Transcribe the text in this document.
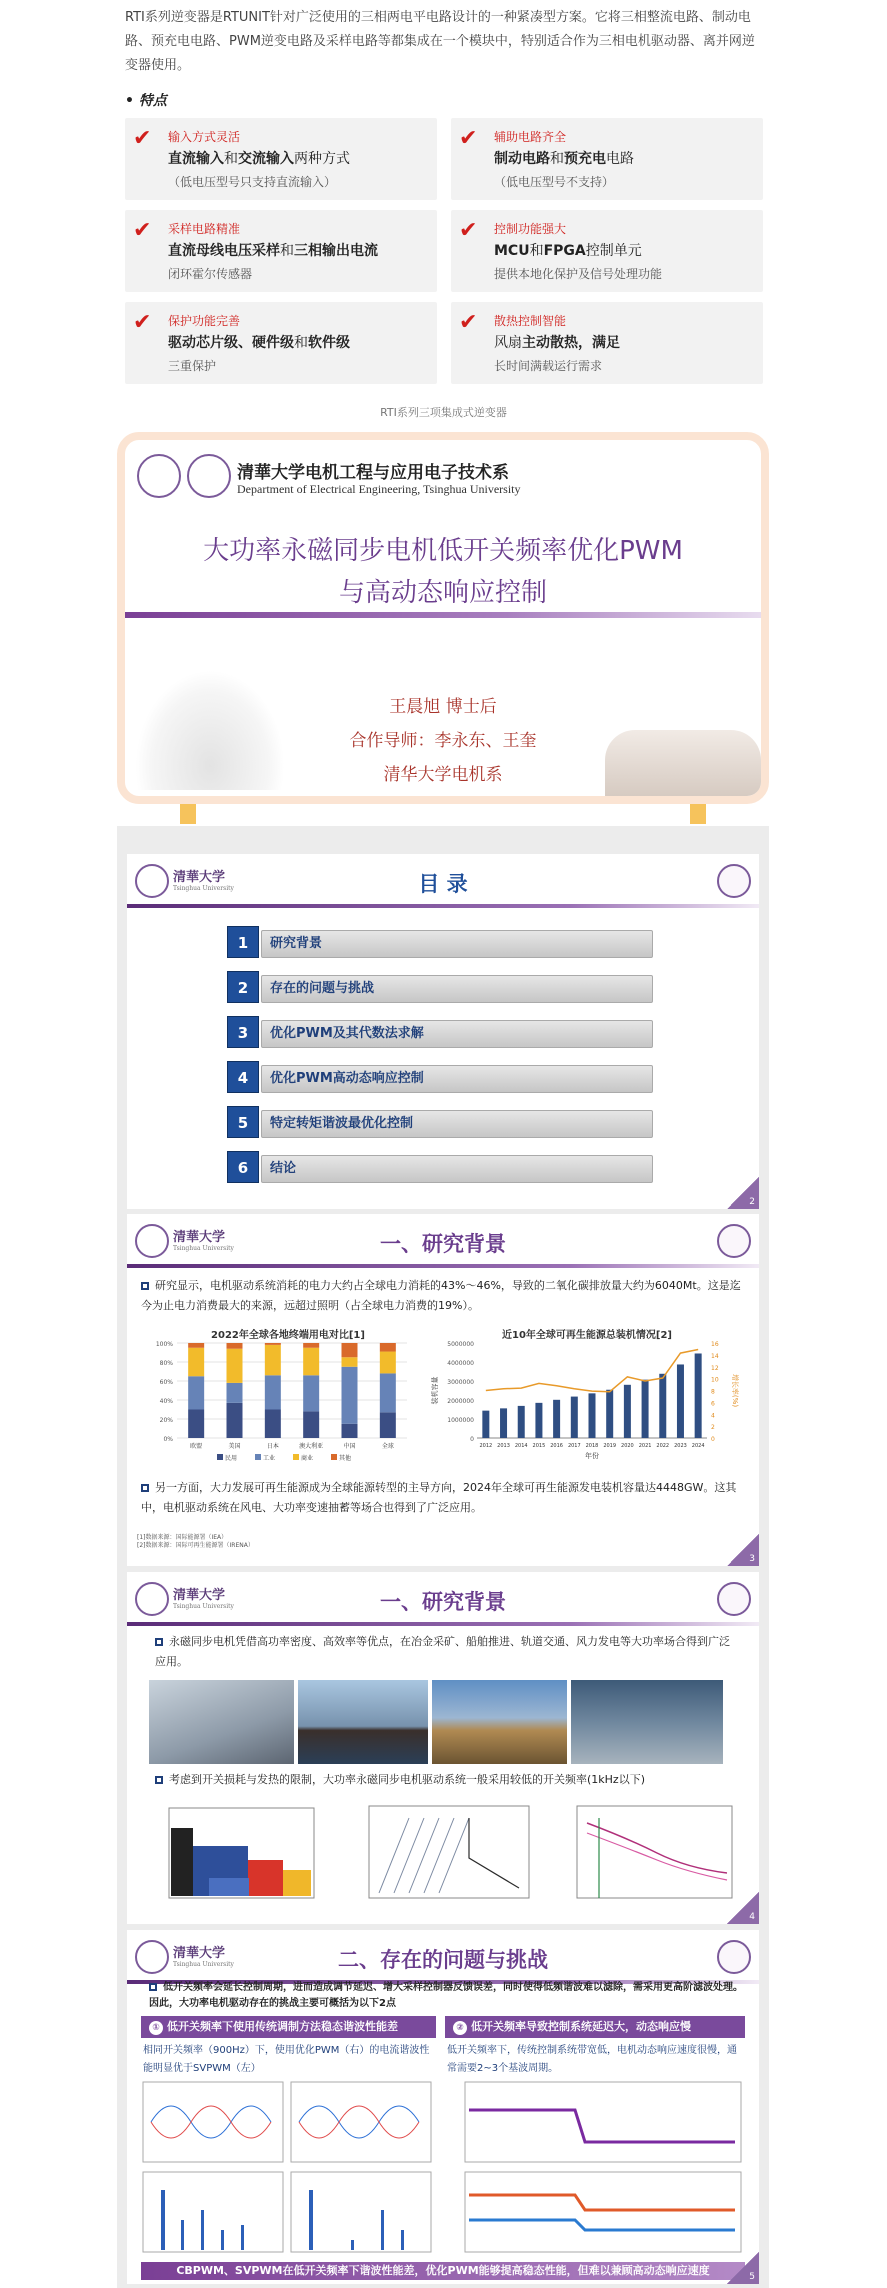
RTI系列逆变器是RTUNIT针对广泛使用的三相两电平电路设计的一种紧凑型方案。它将三相整流电路、制动电路、预充电电路、PWM逆变电路及采样电路等都集成在一个模块中，特别适合作为三相电机驱动器、离并网逆变器使用。
• 特点
✔ 输入方式灵活
直流输入和交流输入两种方式
（低电压型号只支持直流输入）
✔ 辅助电路齐全
制动电路和预充电电路
（低电压型号不支持）
✔ 采样电路精准
直流母线电压采样和三相输出电流
闭环霍尔传感器
✔ 控制功能强大
MCU和FPGA控制单元
提供本地化保护及信号处理功能
✔ 保护功能完善
驱动芯片级、硬件级和软件级
三重保护
✔ 散热控制智能
风扇主动散热，满足
长时间满载运行需求
RTI系列三项集成式逆变器
清華大学电机工程与应用电子技术系
Department of Electrical Engineering, Tsinghua University
大功率永磁同步电机低开关频率优化PWM
与高动态响应控制
王晨旭 博士后
合作导师：李永东、王奎
清华大学电机系
清華大学
Tsinghua University	目 录
1	研究背景
2	存在的问题与挑战
3	优化PWM及其代数法求解
4	优化PWM高动态响应控制
5	特定转矩谐波最优化控制
6	结论
2
清華大学
Tsinghua University	一、研究背景
研究显示，电机驱动系统消耗的电力大约占全球电力消耗的43%～46%，导致的二氧化碳排放量大约为6040Mt。这是迄今为止电力消费最大的来源，远超过照明（占全球电力消费的19%）。
2022年全球各地终端用电对比[1]
0%
20%
40%
60%
80%
100%
欧盟	美国	日本	澳大利亚	中国	全球
民用	工业	商业	其他
近10年全球可再生能源总装机情况[2]
0
1000000
2000000
3000000
4000000
5000000
0
2
4
6
8
10
12
14
16
2012 2013 2014 2015 2016 2017 2018 2019 2020 2021 2022 2023 2024
年份
装机容量	增长率(%)
另一方面，大力发展可再生能源成为全球能源转型的主导方向，2024年全球可再生能源发电装机容量达4448GW。这其中，电机驱动系统在风电、大功率变速抽蓄等场合也得到了广泛应用。
[1]数据来源：国际能源署（IEA）
[2]数据来源：国际可再生能源署（IRENA）
3
清華大学
Tsinghua University	一、研究背景
永磁同步电机凭借高功率密度、高效率等优点，在冶金采矿、船舶推进、轨道交通、风力发电等大功率场合得到广泛应用。
考虑到开关损耗与发热的限制，大功率永磁同步电机驱动系统一般采用较低的开关频率(1kHz以下)
4
清華大学
Tsinghua University	二、存在的问题与挑战
低开关频率会延长控制周期，进而造成调节延迟、增大采样控制器反馈误差，同时使得低频谐波难以滤除，需采用更高阶滤波处理。因此，大功率电机驱动存在的挑战主要可概括为以下2点
① 低开关频率下使用传统调制方法稳态谐波性能差	② 低开关频率导致控制系统延迟大，动态响应慢
相同开关频率（900Hz）下，使用优化PWM（右）的电流谐波性能明显优于SVPWM（左）
低开关频率下，传统控制系统带宽低，电机动态响应速度很慢，通常需要2~3个基波周期。
CBPWM、SVPWM在低开关频率下谐波性能差，优化PWM能够提高稳态性能，但难以兼顾高动态响应速度	5
